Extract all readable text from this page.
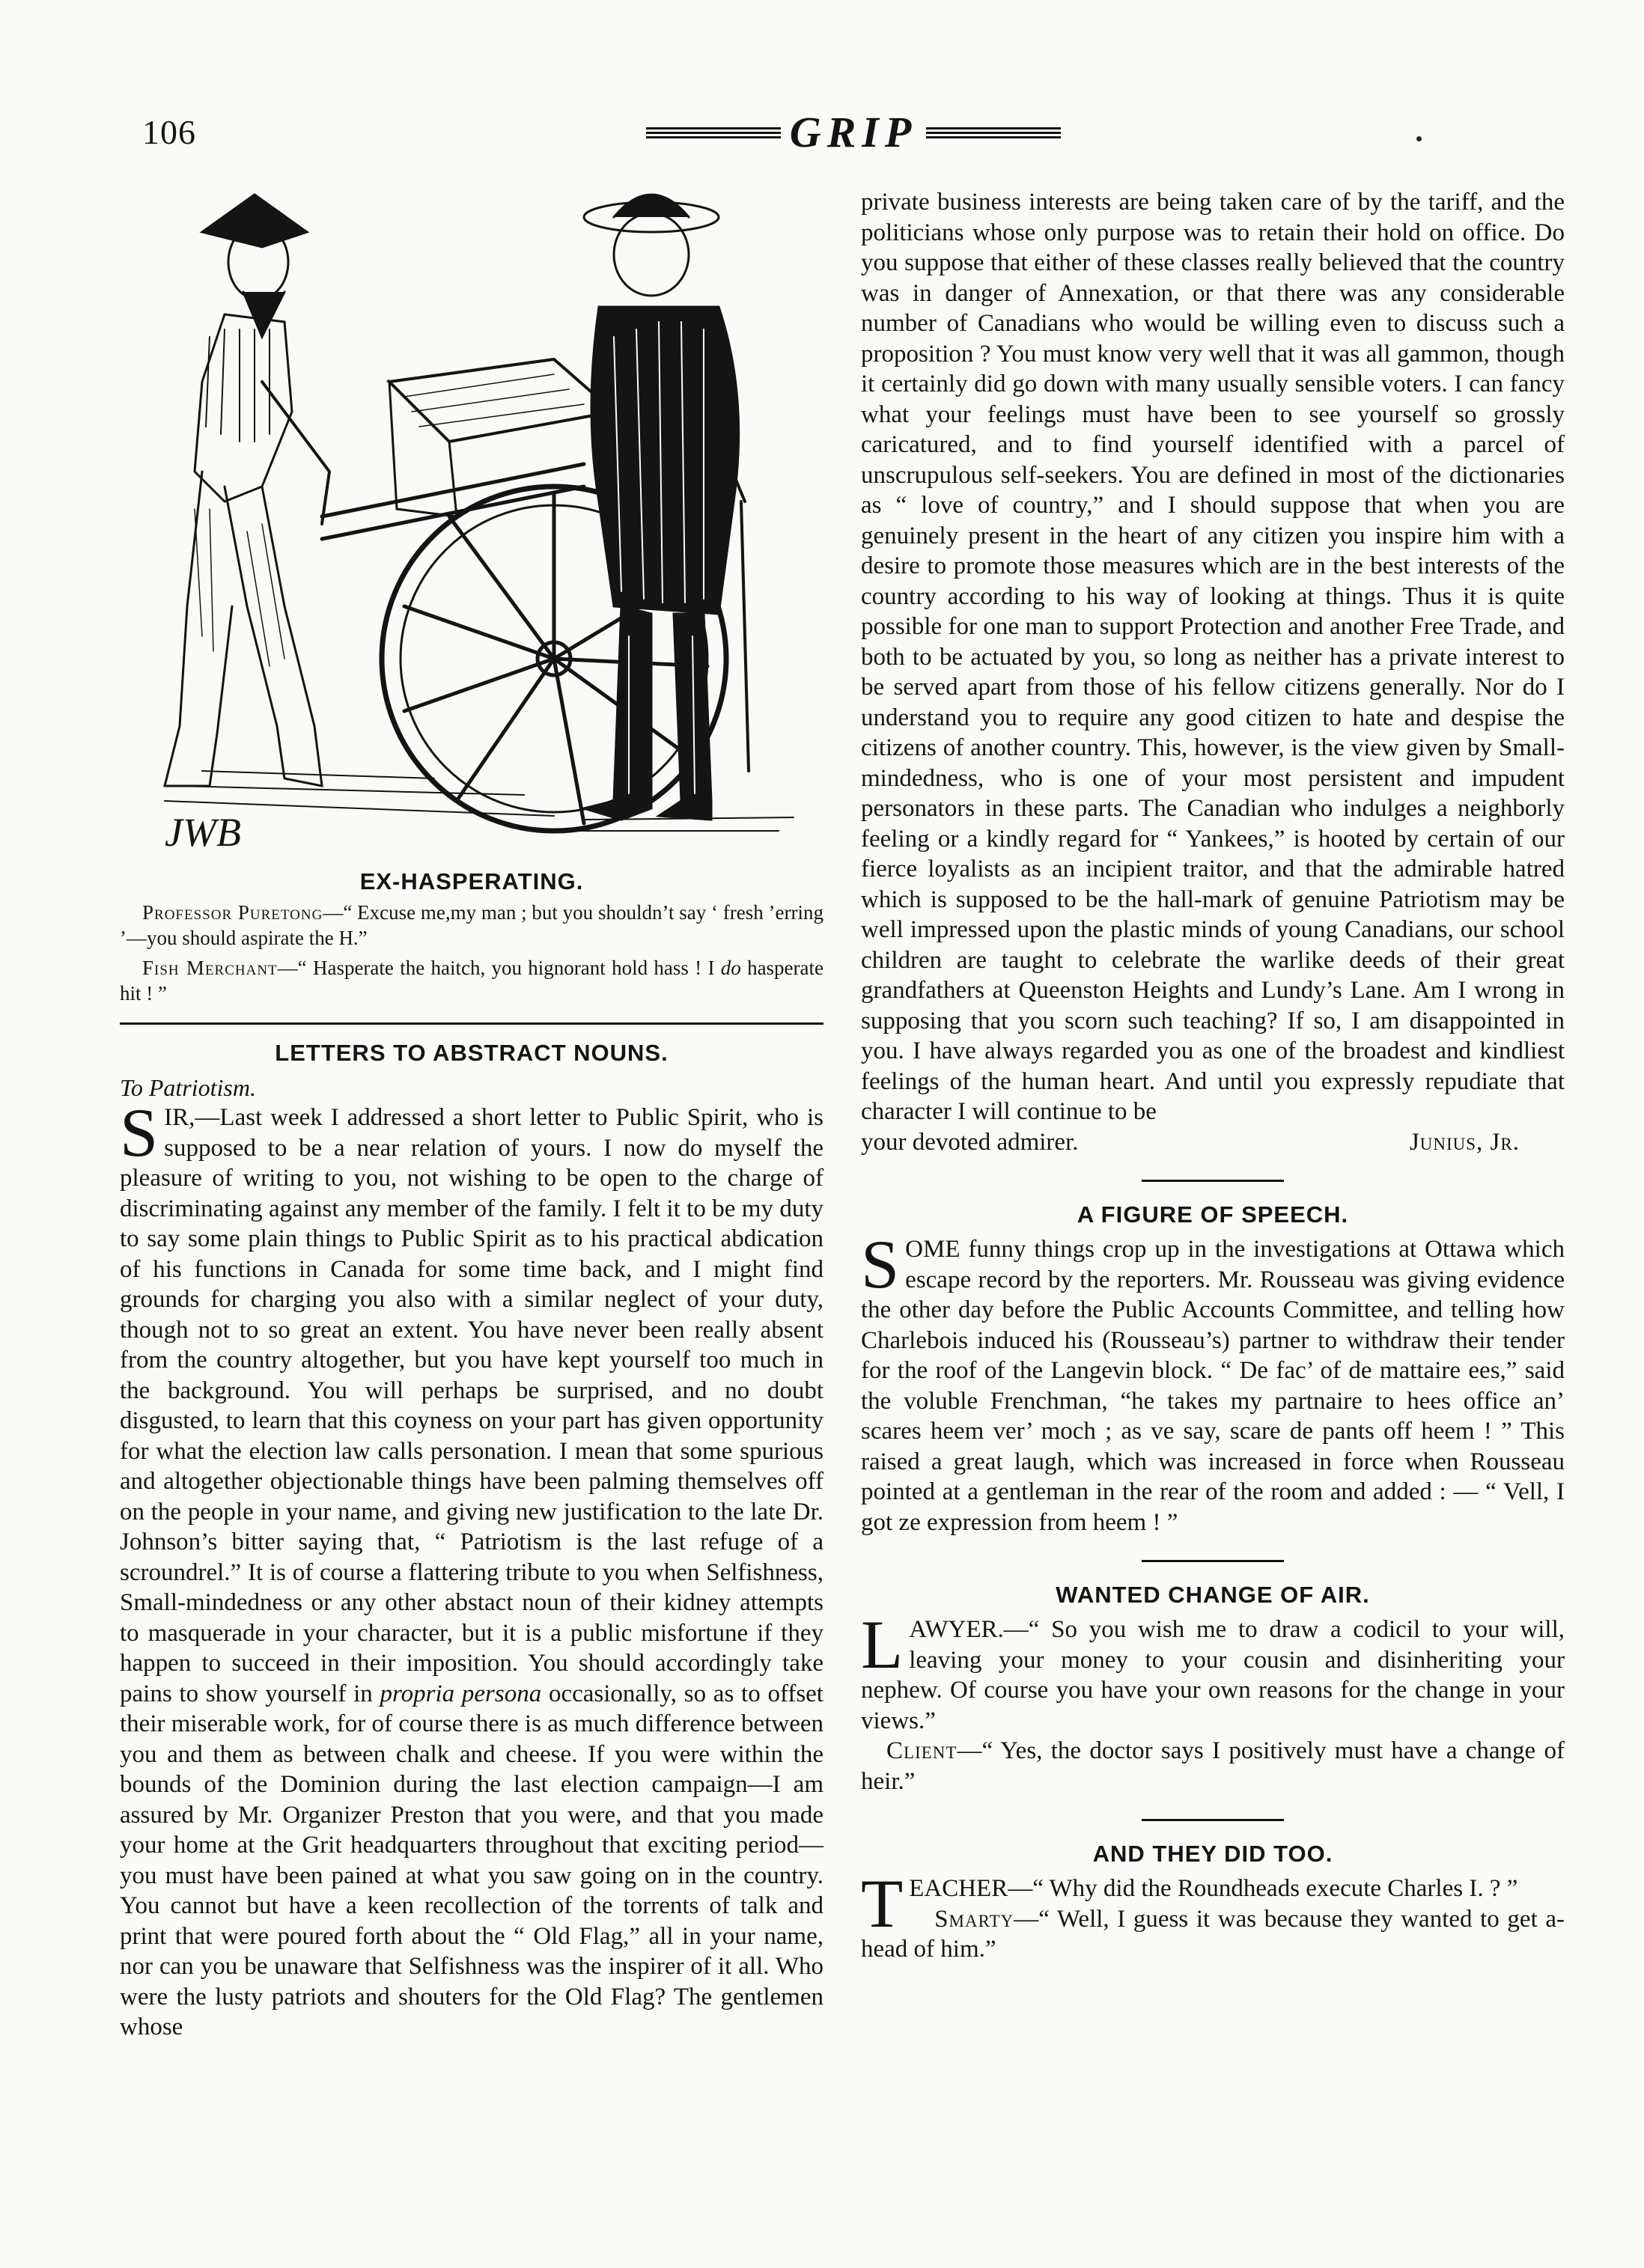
106	GRIP
JWB
EX-HASPERATING.

Professor Puretong—“ Excuse me,my man ; but you shouldn’t say ‘ fresh ’erring ’—you should aspirate the H.”

Fish Merchant—“ Hasperate the haitch, you hignorant hold hass ! I do hasperate hit ! ”

LETTERS TO ABSTRACT NOUNS.
To Patriotism.

SIR,—Last week I addressed a short letter to Public Spirit, who is supposed to be a near relation of yours. I now do myself the pleasure of writing to you, not wishing to be open to the charge of discriminating against any member of the family. I felt it to be my duty to say some plain things to Public Spirit as to his practical abdication of his functions in Canada for some time back, and I might find grounds for charging you also with a similar neglect of your duty, though not to so great an extent. You have never been really absent from the country altogether, but you have kept yourself too much in the background. You will perhaps be surprised, and no doubt disgusted, to learn that this coyness on your part has given opportunity for what the election law calls personation. I mean that some spurious and altogether objectionable things have been palming themselves off on the people in your name, and giving new justification to the late Dr. Johnson’s bitter saying that, “ Patriotism is the last refuge of a scroundrel.” It is of course a flattering tribute to you when Selfishness, Small-mindedness or any other abstact noun of their kidney attempts to masquerade in your character, but it is a public misfortune if they happen to succeed in their imposition. You should accordingly take pains to show yourself in propria persona occasionally, so as to offset their miserable work, for of course there is as much difference between you and them as between chalk and cheese. If you were within the bounds of the Dominion during the last election campaign—I am assured by Mr. Organizer Preston that you were, and that you made your home at the Grit headquarters throughout that exciting period—you must have been pained at what you saw going on in the country. You cannot but have a keen recollection of the torrents of talk and print that were poured forth about the “ Old Flag,” all in your name, nor can you be unaware that Selfishness was the inspirer of it all. Who were the lusty patriots and shouters for the Old Flag? The gentlemen whose

private business interests are being taken care of by the tariff, and the politicians whose only purpose was to retain their hold on office. Do you suppose that either of these classes really believed that the country was in danger of Annexation, or that there was any considerable number of Canadians who would be willing even to discuss such a proposition ? You must know very well that it was all gammon, though it certainly did go down with many usually sensible voters. I can fancy what your feelings must have been to see yourself so grossly caricatured, and to find yourself identified with a parcel of unscrupulous self-seekers. You are defined in most of the dictionaries as “ love of country,” and I should suppose that when you are genuinely present in the heart of any citizen you inspire him with a desire to promote those measures which are in the best interests of the country according to his way of looking at things. Thus it is quite possible for one man to support Protection and another Free Trade, and both to be actuated by you, so long as neither has a private interest to be served apart from those of his fellow citizens generally. Nor do I understand you to require any good citizen to hate and despise the citizens of another country. This, however, is the view given by Smallmindedness, who is one of your most persistent and impudent personators in these parts. The Canadian who indulges a neighborly feeling or a kindly regard for “ Yankees,” is hooted by certain of our fierce loyalists as an incipient traitor, and that the admirable hatred which is supposed to be the hall-mark of genuine Patriotism may be well impressed upon the plastic minds of young Canadians, our school children are taught to celebrate the warlike deeds of their great grandfathers at Queenston Heights and Lundy’s Lane. Am I wrong in supposing that you scorn such teaching? If so, I am disappointed in you. I have always regarded you as one of the broadest and kindliest feelings of the human heart. And until you expressly repudiate that character I will continue to be

your devoted admirer.	Junius, Jr.
A FIGURE OF SPEECH.

SOME funny things crop up in the investigations at Ottawa which escape record by the reporters. Mr. Rousseau was giving evidence the other day before the Public Accounts Committee, and telling how Charlebois induced his (Rousseau’s) partner to withdraw their tender for the roof of the Langevin block. “ De fac’ of de mattaire ees,” said the voluble Frenchman, “he takes my partnaire to hees office an’ scares heem ver’ moch ; as ve say, scare de pants off heem ! ” This raised a great laugh, which was increased in force when Rousseau pointed at a gentleman in the rear of the room and added : — “ Vell, I got ze expression from heem ! ”

WANTED CHANGE OF AIR.

LAWYER.—“ So you wish me to draw a codicil to your will, leaving your money to your cousin and disinheriting your nephew. Of course you have your own reasons for the change in your views.”

Client—“ Yes, the doctor says I positively must have a change of heir.”

AND THEY DID TOO.

TEACHER—“ Why did the Roundheads execute Charles I. ? ”

Smarty—“ Well, I guess it was because they wanted to get a-head of him.”
